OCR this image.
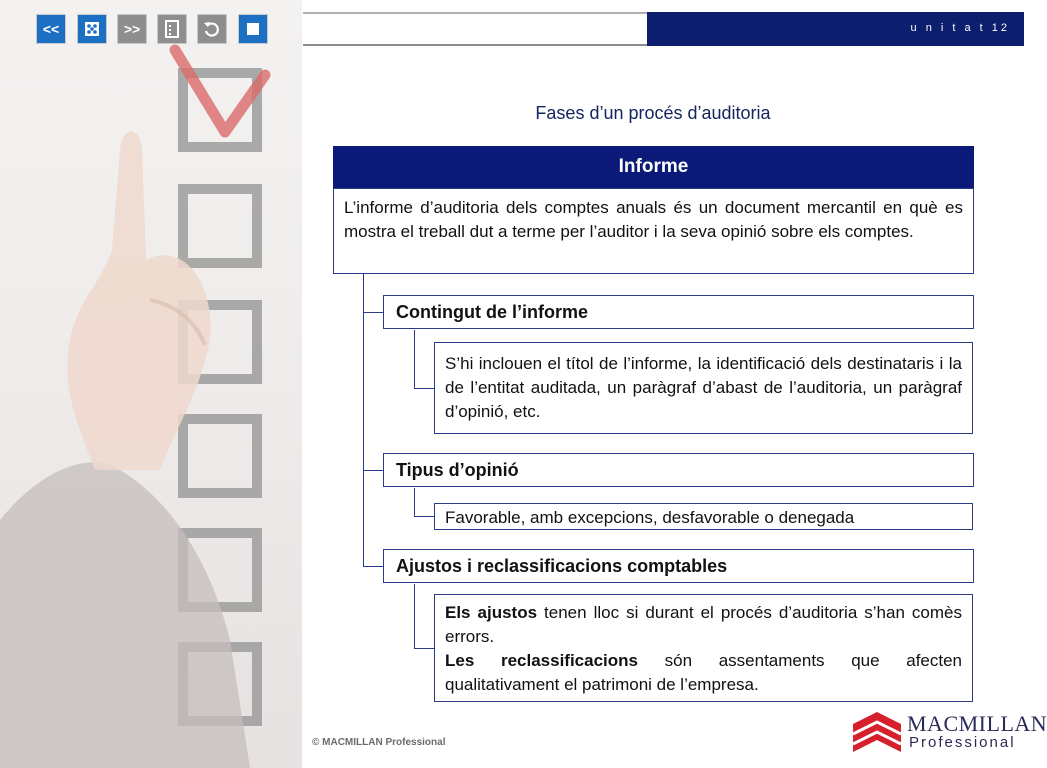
<<	>>	u n i t a t 12
Fases d’un procés d’auditoria
Informe
L’informe d’auditoria dels comptes anuals és un document mercantil en què es mostra el treball dut a terme per l’auditor i la seva opinió sobre els comptes.
Contingut de l’informe
S’hi inclouen el títol de l’informe, la identificació dels destinataris i la de l’entitat auditada, un paràgraf d’abast de l’auditoria, un paràgraf d’opinió, etc.
Tipus d’opinió
Favorable, amb excepcions, desfavorable o denegada
Ajustos i reclassificacions comptables
Els ajustos tenen lloc si durant el procés d’auditoria s’han comès errors.
Les reclassificacions són assentaments que afecten qualitativament el patrimoni de l’empresa.
© MACMILLAN Professional
MACMILLAN
Professional
